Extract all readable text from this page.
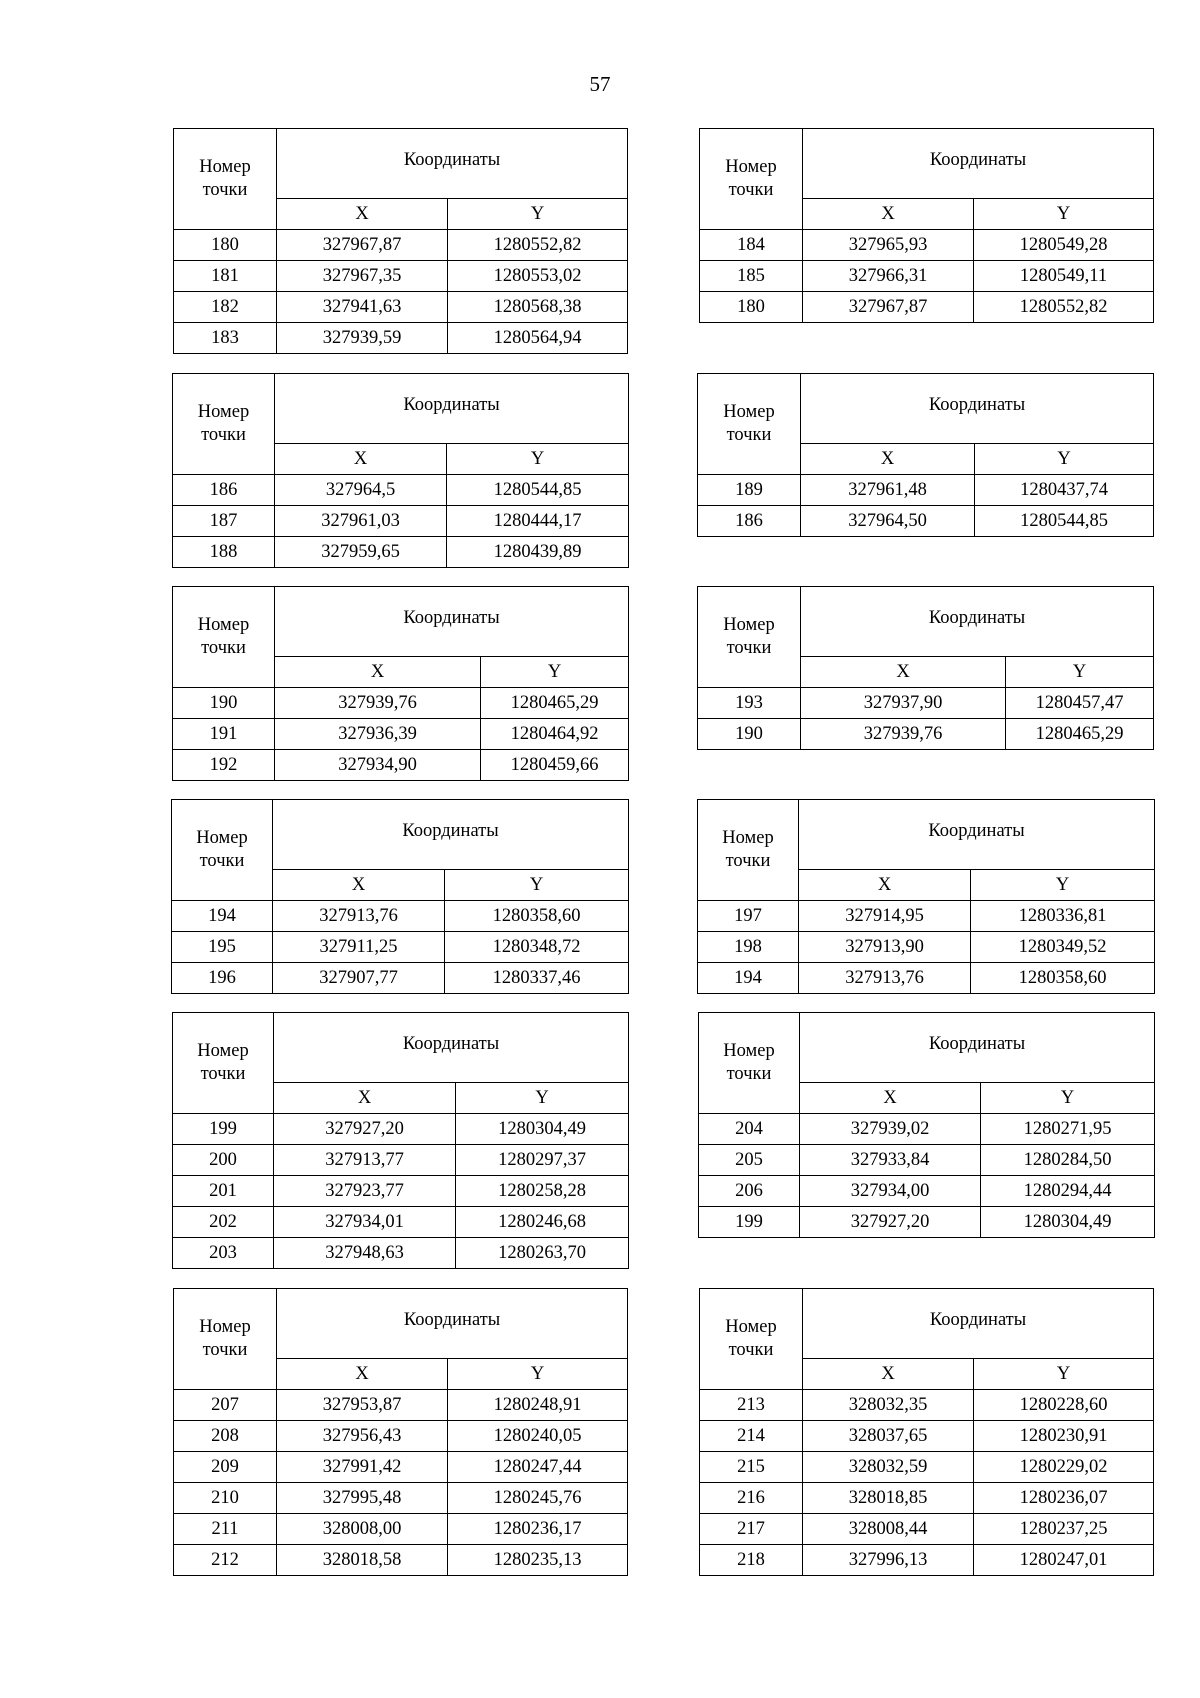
57
Номер
точки	Координаты	
	X	Y
180	327967,87	1280552,82
181	327967,35	1280553,02
182	327941,63	1280568,38
183	327939,59	1280564,94
Номер
точки	Координаты	
	X	Y
184	327965,93	1280549,28
185	327966,31	1280549,11
180	327967,87	1280552,82
Номер
точки	Координаты	
	X	Y
186	327964,5	1280544,85
187	327961,03	1280444,17
188	327959,65	1280439,89
Номер
точки	Координаты	
	X	Y
189	327961,48	1280437,74
186	327964,50	1280544,85
Номер
точки	Координаты	
	X	Y
190	327939,76	1280465,29
191	327936,39	1280464,92
192	327934,90	1280459,66
Номер
точки	Координаты	
	X	Y
193	327937,90	1280457,47
190	327939,76	1280465,29
Номер
точки	Координаты	
	X	Y
194	327913,76	1280358,60
195	327911,25	1280348,72
196	327907,77	1280337,46
Номер
точки	Координаты	
	X	Y
197	327914,95	1280336,81
198	327913,90	1280349,52
194	327913,76	1280358,60
Номер
точки	Координаты	
	X	Y
199	327927,20	1280304,49
200	327913,77	1280297,37
201	327923,77	1280258,28
202	327934,01	1280246,68
203	327948,63	1280263,70
Номер
точки	Координаты	
	X	Y
204	327939,02	1280271,95
205	327933,84	1280284,50
206	327934,00	1280294,44
199	327927,20	1280304,49
Номер
точки	Координаты	
	X	Y
207	327953,87	1280248,91
208	327956,43	1280240,05
209	327991,42	1280247,44
210	327995,48	1280245,76
211	328008,00	1280236,17
212	328018,58	1280235,13
Номер
точки	Координаты	
	X	Y
213	328032,35	1280228,60
214	328037,65	1280230,91
215	328032,59	1280229,02
216	328018,85	1280236,07
217	328008,44	1280237,25
218	327996,13	1280247,01
